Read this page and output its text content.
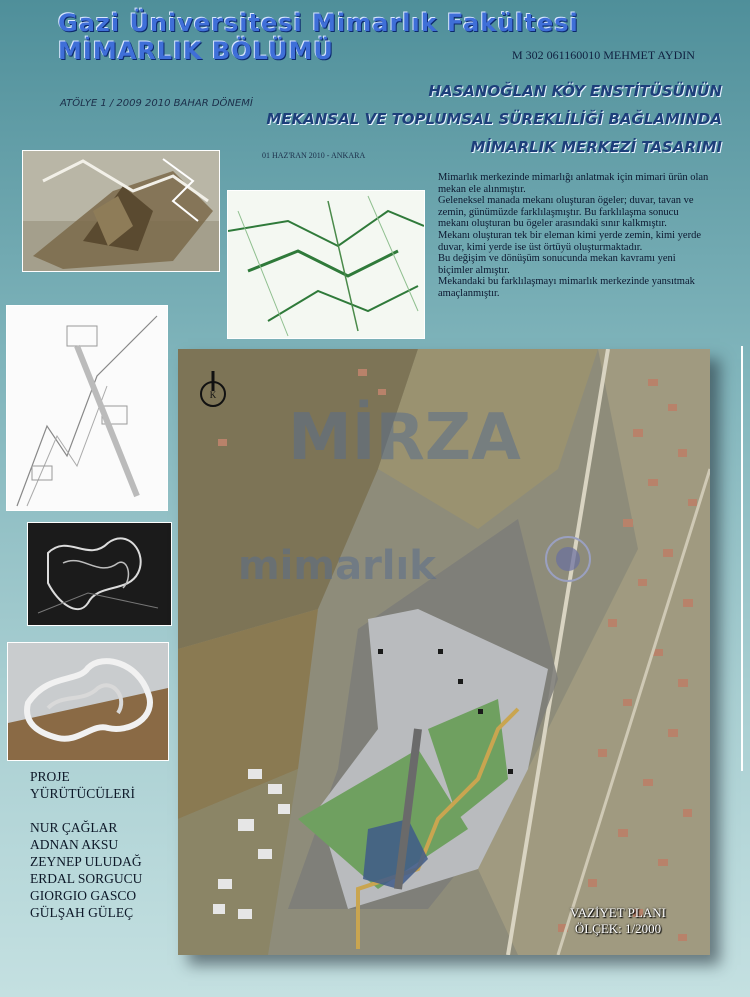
Gazi Üniversitesi Mimarlık Fakültesi
MİMARLIK BÖLÜMÜ	M 302 061160010 MEHMET AYDIN
ATÖLYE 1 / 2009 2010 BAHAR DÖNEMİ
01 HAZ'RAN 2010 - ANKARA
HASANOĞLAN KÖY ENSTİTÜSÜNÜN
MEKANSAL VE TOPLUMSAL SÜREKLİLİĞİ BAĞLAMINDA
MİMARLIK MERKEZİ TASARIMI

Mimarlık merkezinde mimarlığı anlatmak için mimari ürün olan mekan ele alınmıştır.

Geleneksel manada mekanı oluşturan ögeler; duvar, tavan ve zemin, günümüzde farklılaşmıştır. Bu farklılaşma sonucu mekanı oluşturan bu ögeler arasındaki sınır kalkmıştır.

Mekanı oluşturan tek bir eleman kimi yerde zemin, kimi yerde duvar, kimi yerde ise üst örtüyü oluşturmaktadır.

Bu değişim ve dönüşüm sonucunda mekan kavramı yeni biçimler almıştır.

Mekandaki bu farklılaşmayı mimarlık merkezinde yansıtmak amaçlanmıştır.

K
MİRZA
mimarlık
VAZİYET PLANI
ÖLÇEK: 1/2000
PROJE
YÜRÜTÜCÜLERİ
NUR ÇAĞLAR
ADNAN AKSU
ZEYNEP ULUDAĞ
ERDAL SORGUCU
GIORGIO GASCO
GÜLŞAH GÜLEÇ
